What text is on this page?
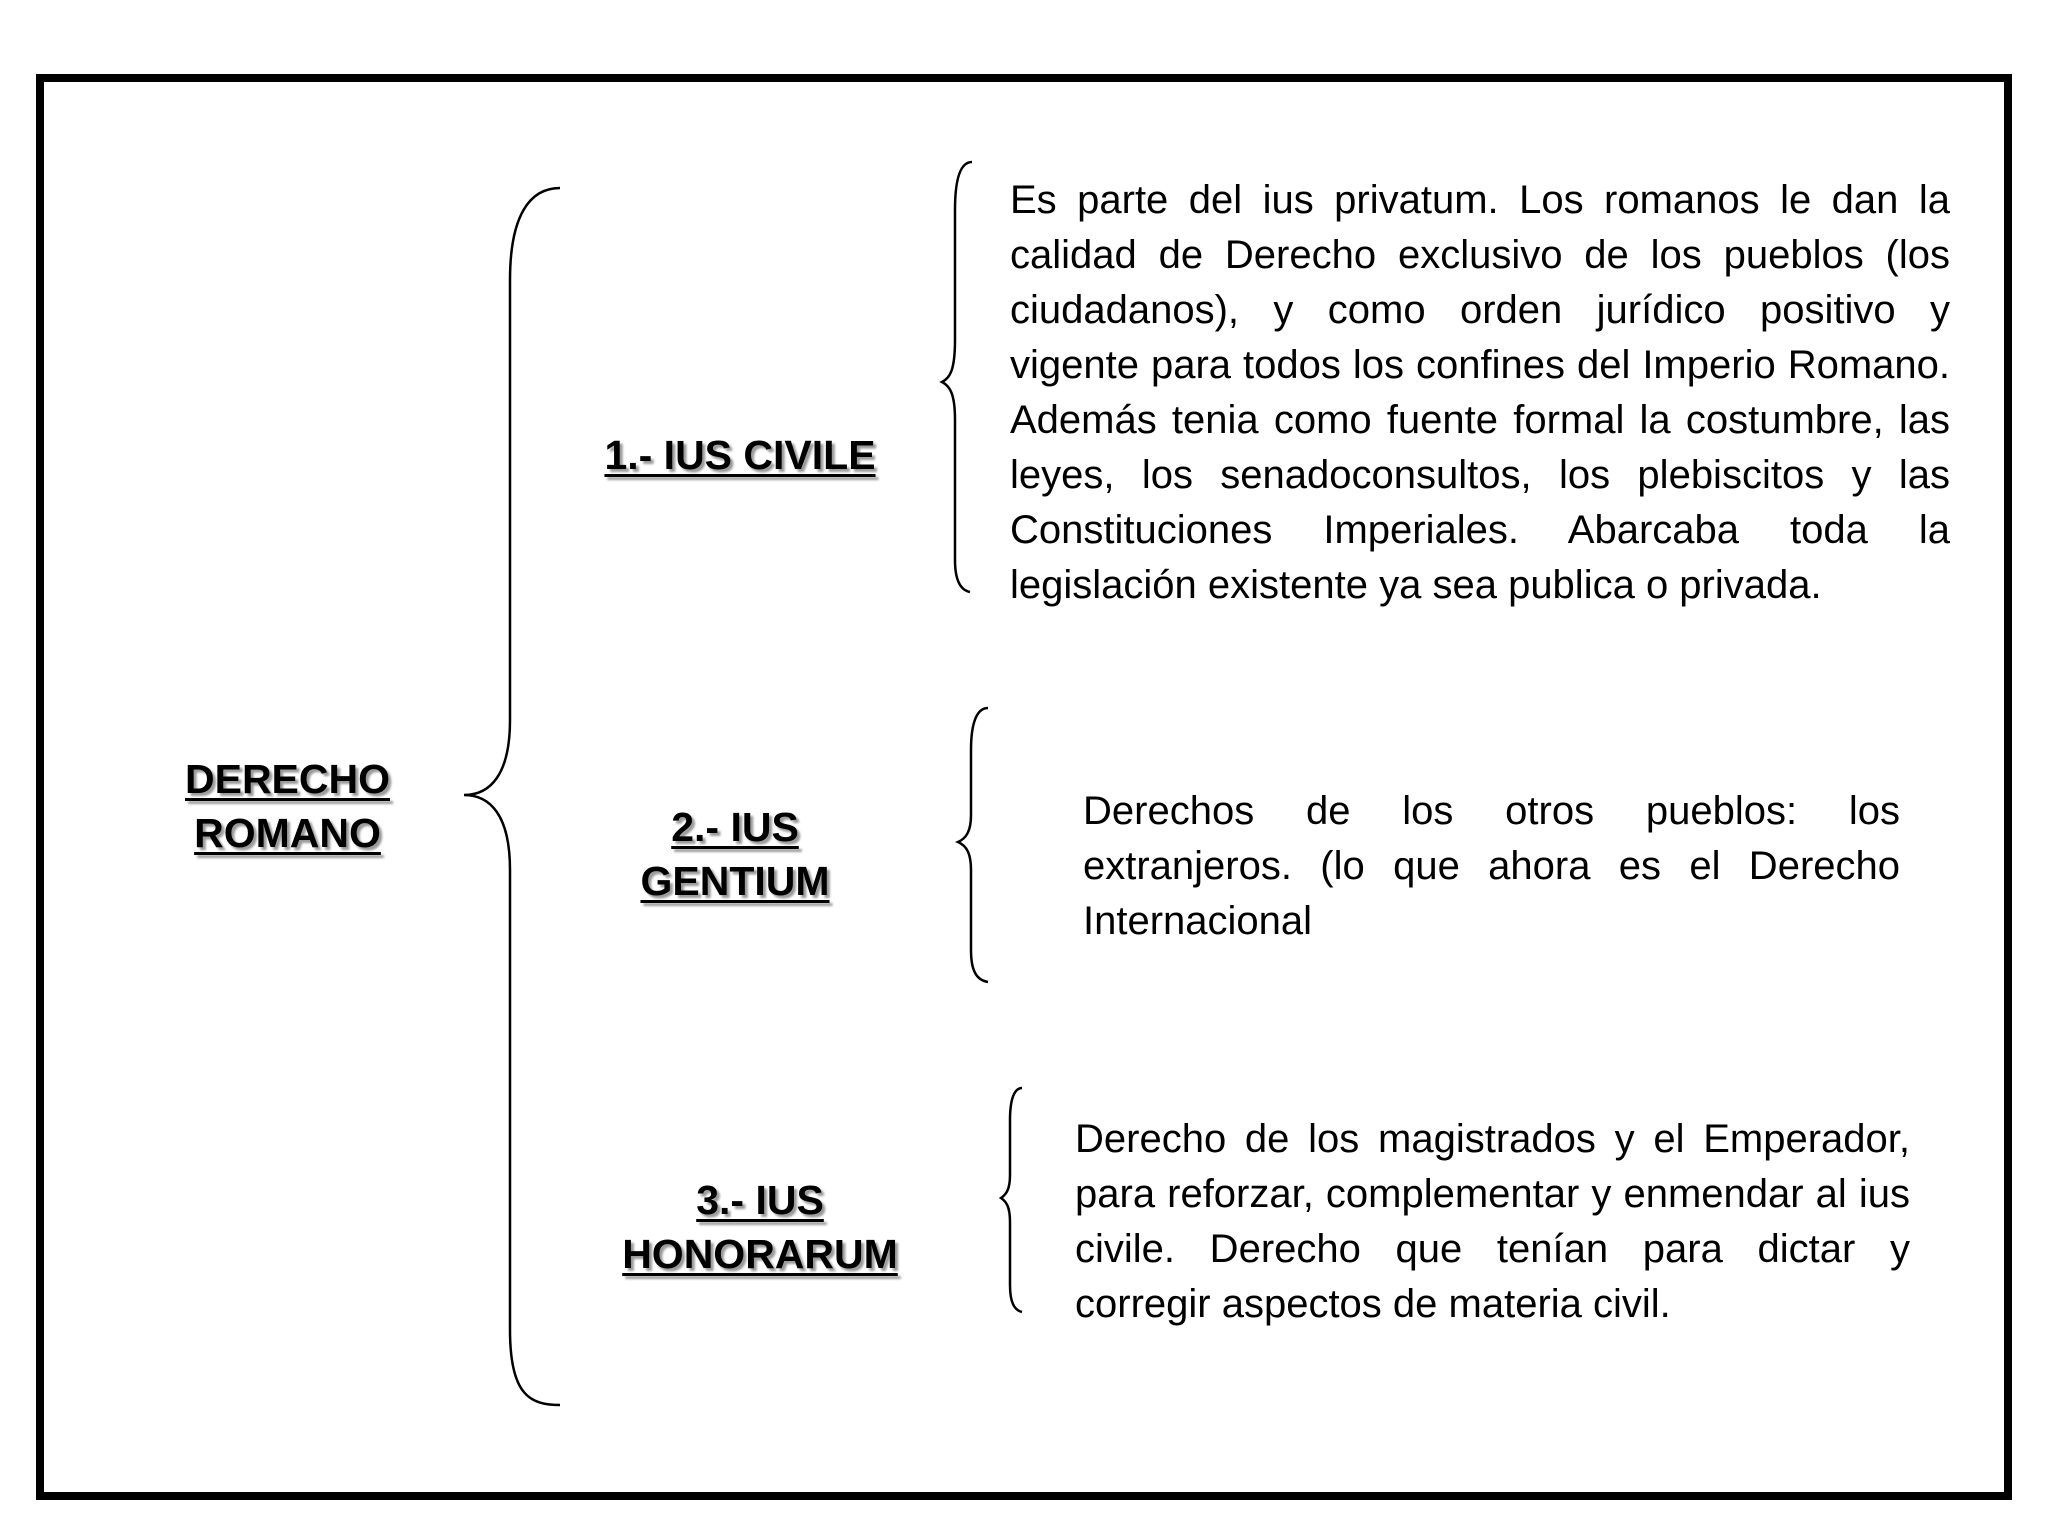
DERECHO
ROMANO
1.- IUS CIVILE
Es parte del ius privatum. Los romanos le dan la calidad de Derecho exclusivo de los pueblos (los ciudadanos), y como orden jurídico positivo y vigente para todos los confines del Imperio Romano. Además tenia como fuente formal la costumbre, las leyes, los senadoconsultos, los plebiscitos y las Constituciones Imperiales. Abarcaba toda la legislación existente ya sea publica o privada.
2.- IUS
GENTIUM
Derechos de los otros pueblos: los extranjeros. (lo que ahora es el Derecho Internacional
3.- IUS
HONORARUM
Derecho de los magistrados y el Emperador, para reforzar, complementar y enmendar al ius civile. Derecho que tenían para dictar y corregir aspectos de materia civil.
